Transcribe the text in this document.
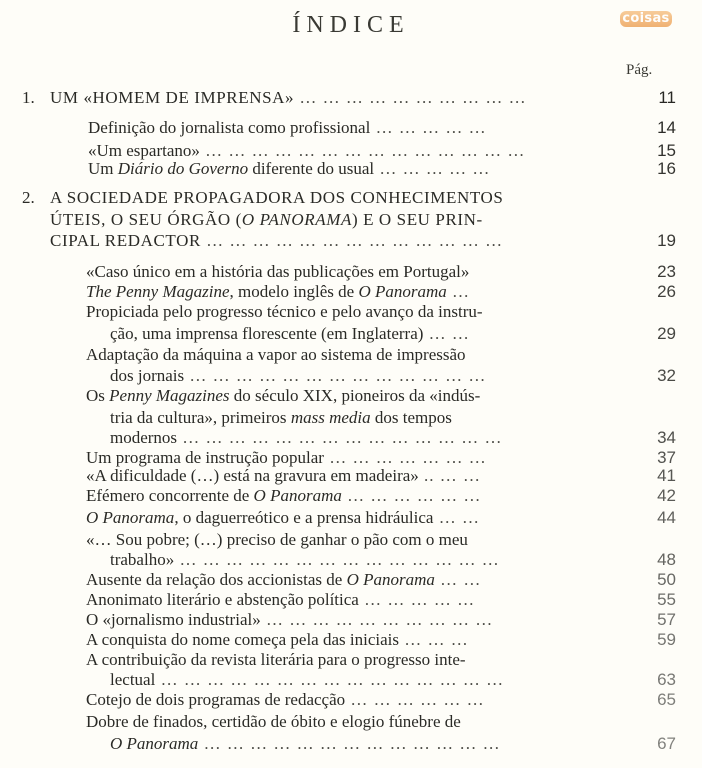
ÍNDICE	coisas
Pág.
1. UM «HOMEM DE IMPRENSA» … … … … … … … … … …	11
Definição do jornalista como profissional … … … … …	14
«Um espartano» … … … … … … … … … … … … … …	15
Um Diário do Governo diferente do usual … … … … …	16
2. A SOCIEDADE PROPAGADORA DOS CONHECIMENTOS
ÚTEIS, O SEU ÓRGÃO (O PANORAMA) E O SEU PRIN-
CIPAL REDACTOR … … … … … … … … … … … … …	19
«Caso único em a história das publicações em Portugal»	23
The Penny Magazine, modelo inglês de O Panorama …	26
Propiciada pelo progresso técnico e pelo avanço da instru-
ção, uma imprensa florescente (em Inglaterra) … …	29
Adaptação da máquina a vapor ao sistema de impressão
dos jornais … … … … … … … … … … … … …	32
Os Penny Magazines do século XIX, pioneiros da «indús-
tria da cultura», primeiros mass media dos tempos
modernos … … … … … … … … … … … … … …	34
Um programa de instrução popular … … … … … … …	37
«A dificuldade (…) está na gravura em madeira» .. … …	41
Efémero concorrente de O Panorama … … … … … …	42
O Panorama, o daguerreótico e a prensa hidráulica … …	44
«… Sou pobre; (…) preciso de ganhar o pão com o meu
trabalho» … … … … … … … … … … … … … …	48
Ausente da relação dos accionistas de O Panorama … …	50
Anonimato literário e abstenção política … … … … …	55
O «jornalismo industrial» … … … … … … … … … …	57
A conquista do nome começa pela das iniciais … … …	59
A contribuição da revista literária para o progresso inte-
lectual … … … … … … … … … … … … … … …	63
Cotejo de dois programas de redacção … … … … … …	65
Dobre de finados, certidão de óbito e elogio fúnebre de
O Panorama … … … … … … … … … … … … …	67
